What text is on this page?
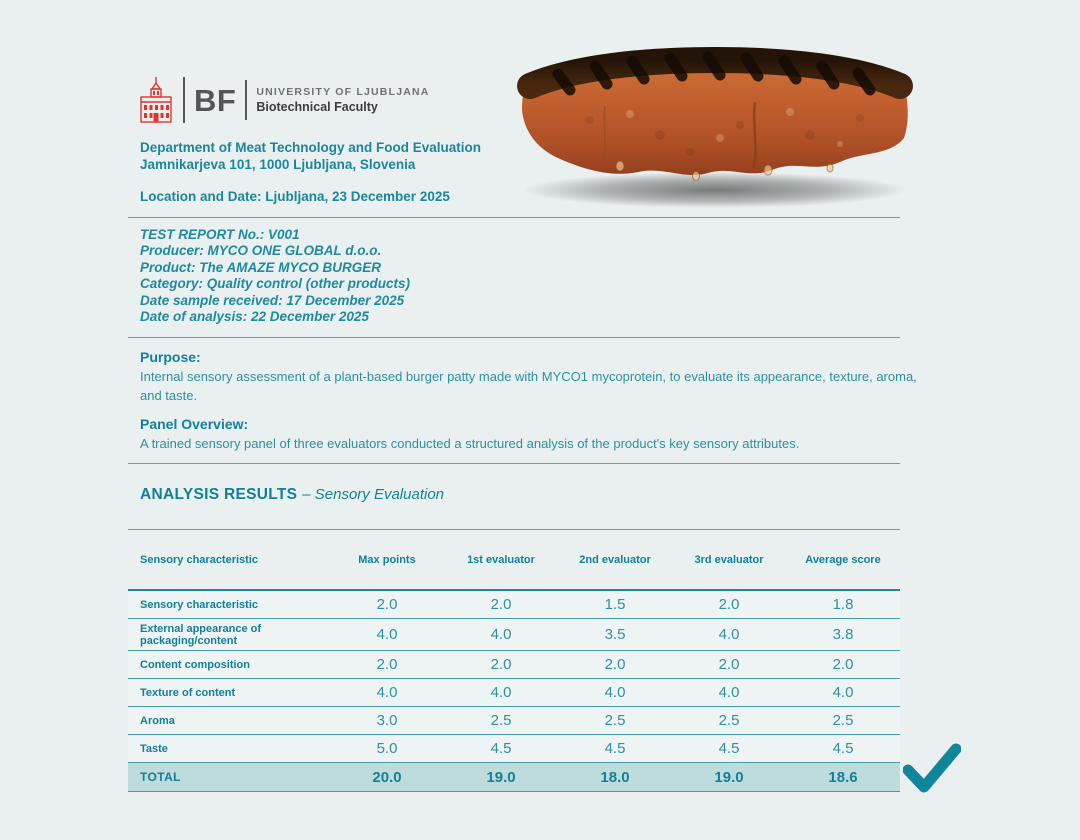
BF UNIVERSITY OF LJUBLJANA
Biotechnical Faculty
Department of Meat Technology and Food Evaluation
Jamnikarjeva 101, 1000 Ljubljana, Slovenia
Location and Date: Ljubljana, 23 December 2025
TEST REPORT No.: V001
Producer: MYCO ONE GLOBAL d.o.o.
Product: The AMAZE MYCO BURGER
Category: Quality control (other products)
Date sample received: 17 December 2025
Date of analysis: 22 December 2025
Purpose:
Internal sensory assessment of a plant-based burger patty made with MYCO1 mycoprotein, to evaluate its appearance, texture, aroma, and taste.
Panel Overview:
A trained sensory panel of three evaluators conducted a structured analysis of the product's key sensory attributes.
ANALYSIS RESULTS – Sensory Evaluation
Sensory characteristic	Max points	1st evaluator	2nd evaluator	3rd evaluator	Average score
Sensory characteristic	2.0	2.0	1.5	2.0	1.8
External appearance of packaging/content	4.0	4.0	3.5	4.0	3.8
Content composition	2.0	2.0	2.0	2.0	2.0
Texture of content	4.0	4.0	4.0	4.0	4.0
Aroma	3.0	2.5	2.5	2.5	2.5
Taste	5.0	4.5	4.5	4.5	4.5
TOTAL	20.0	19.0	18.0	19.0	18.6
